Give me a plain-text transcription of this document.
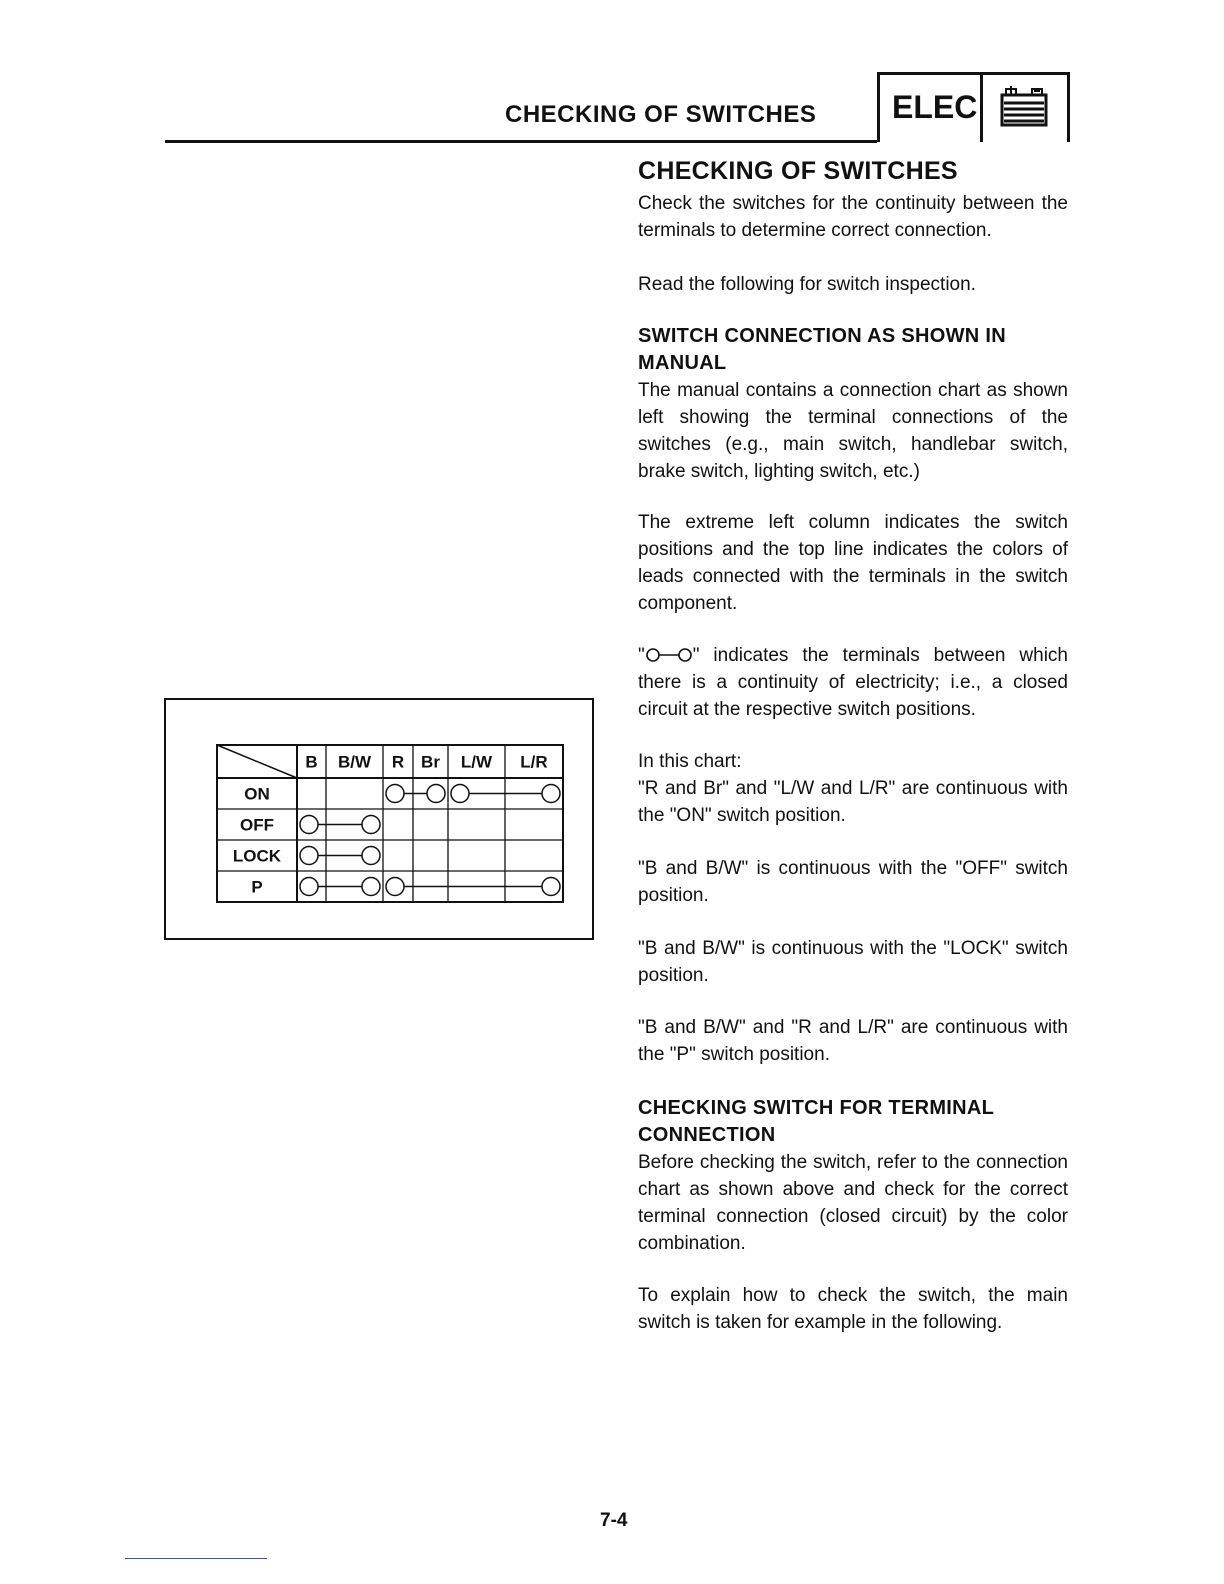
CHECKING OF SWITCHES ELEC

CHECKING OF SWITCHES

Check the switches for the continuity between the terminals to determine correct connection.

Read the following for switch inspection.

SWITCH CONNECTION AS SHOWN IN

MANUAL

The manual contains a connection chart as shown left showing the terminal connections of the switches (e.g., main switch, handlebar switch, brake switch, lighting switch, etc.)

The extreme left column indicates the switch positions and the top line indicates the colors of leads connected with the terminals in the switch component.

"	" indicates the terminals between which there is a continuity of electricity; i.e., a closed circuit at the respective switch positions.

In this chart:

"R and Br" and "L/W and L/R" are continuous with the "ON" switch position.

"B and B/W" is continuous with the "OFF" switch position.

"B and B/W" is continuous with the "LOCK" switch position.

"B and B/W" and "R and L/R" are continuous with the "P" switch position.

CHECKING SWITCH FOR TERMINAL

CONNECTION

Before checking the switch, refer to the connection chart as shown above and check for the correct terminal connection (closed circuit) by the color combination.

To explain how to check the switch, the main switch is taken for example in the following.

B B/W R Br L/W L/R
ON
OFF
LOCK
P
7-4
